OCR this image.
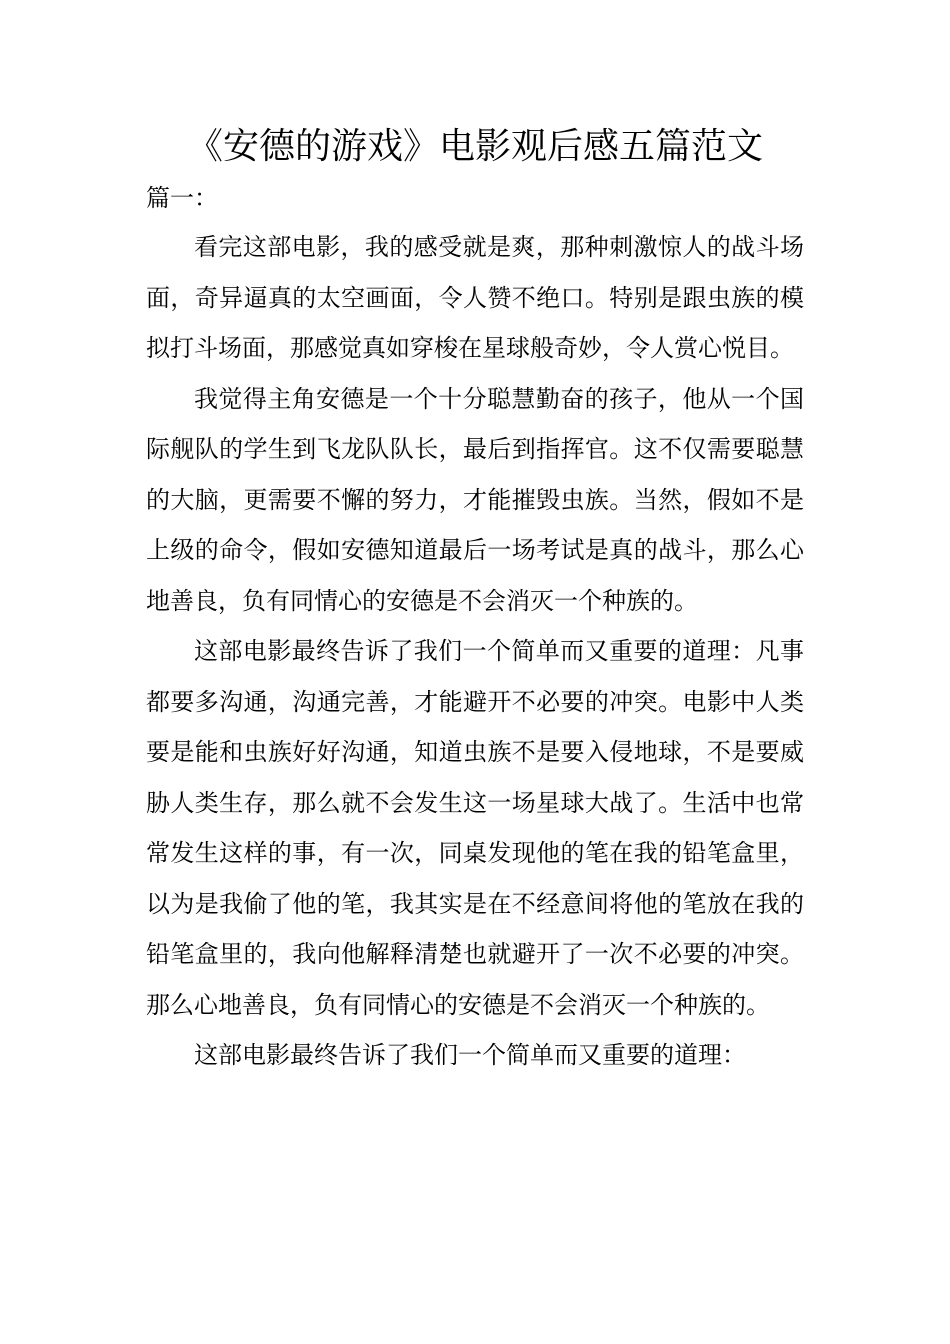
《安德的游戏》电影观后感五篇范文

篇一：

看完这部电影，我的感受就是爽，那种刺激惊人的战斗场面，奇异逼真的太空画面，令人赞不绝口。特别是跟虫族的模拟打斗场面，那感觉真如穿梭在星球般奇妙，令人赏心悦目。

我觉得主角安德是一个十分聪慧勤奋的孩子，他从一个国际舰队的学生到飞龙队队长，最后到指挥官。这不仅需要聪慧的大脑，更需要不懈的努力，才能摧毁虫族。当然，假如不是上级的命令，假如安德知道最后一场考试是真的战斗，那么心地善良，负有同情心的安德是不会消灭一个种族的。

这部电影最终告诉了我们一个简单而又重要的道理：凡事都要多沟通，沟通完善，才能避开不必要的冲突。电影中人类要是能和虫族好好沟通，知道虫族不是要入侵地球，不是要威胁人类生存，那么就不会发生这一场星球大战了。生活中也常常发生这样的事，有一次，同桌发现他的笔在我的铅笔盒里，以为是我偷了他的笔，我其实是在不经意间将他的笔放在我的铅笔盒里的，我向他解释清楚也就避开了一次不必要的冲突。那么心地善良，负有同情心的安德是不会消灭一个种族的。

这部电影最终告诉了我们一个简单而又重要的道理：
